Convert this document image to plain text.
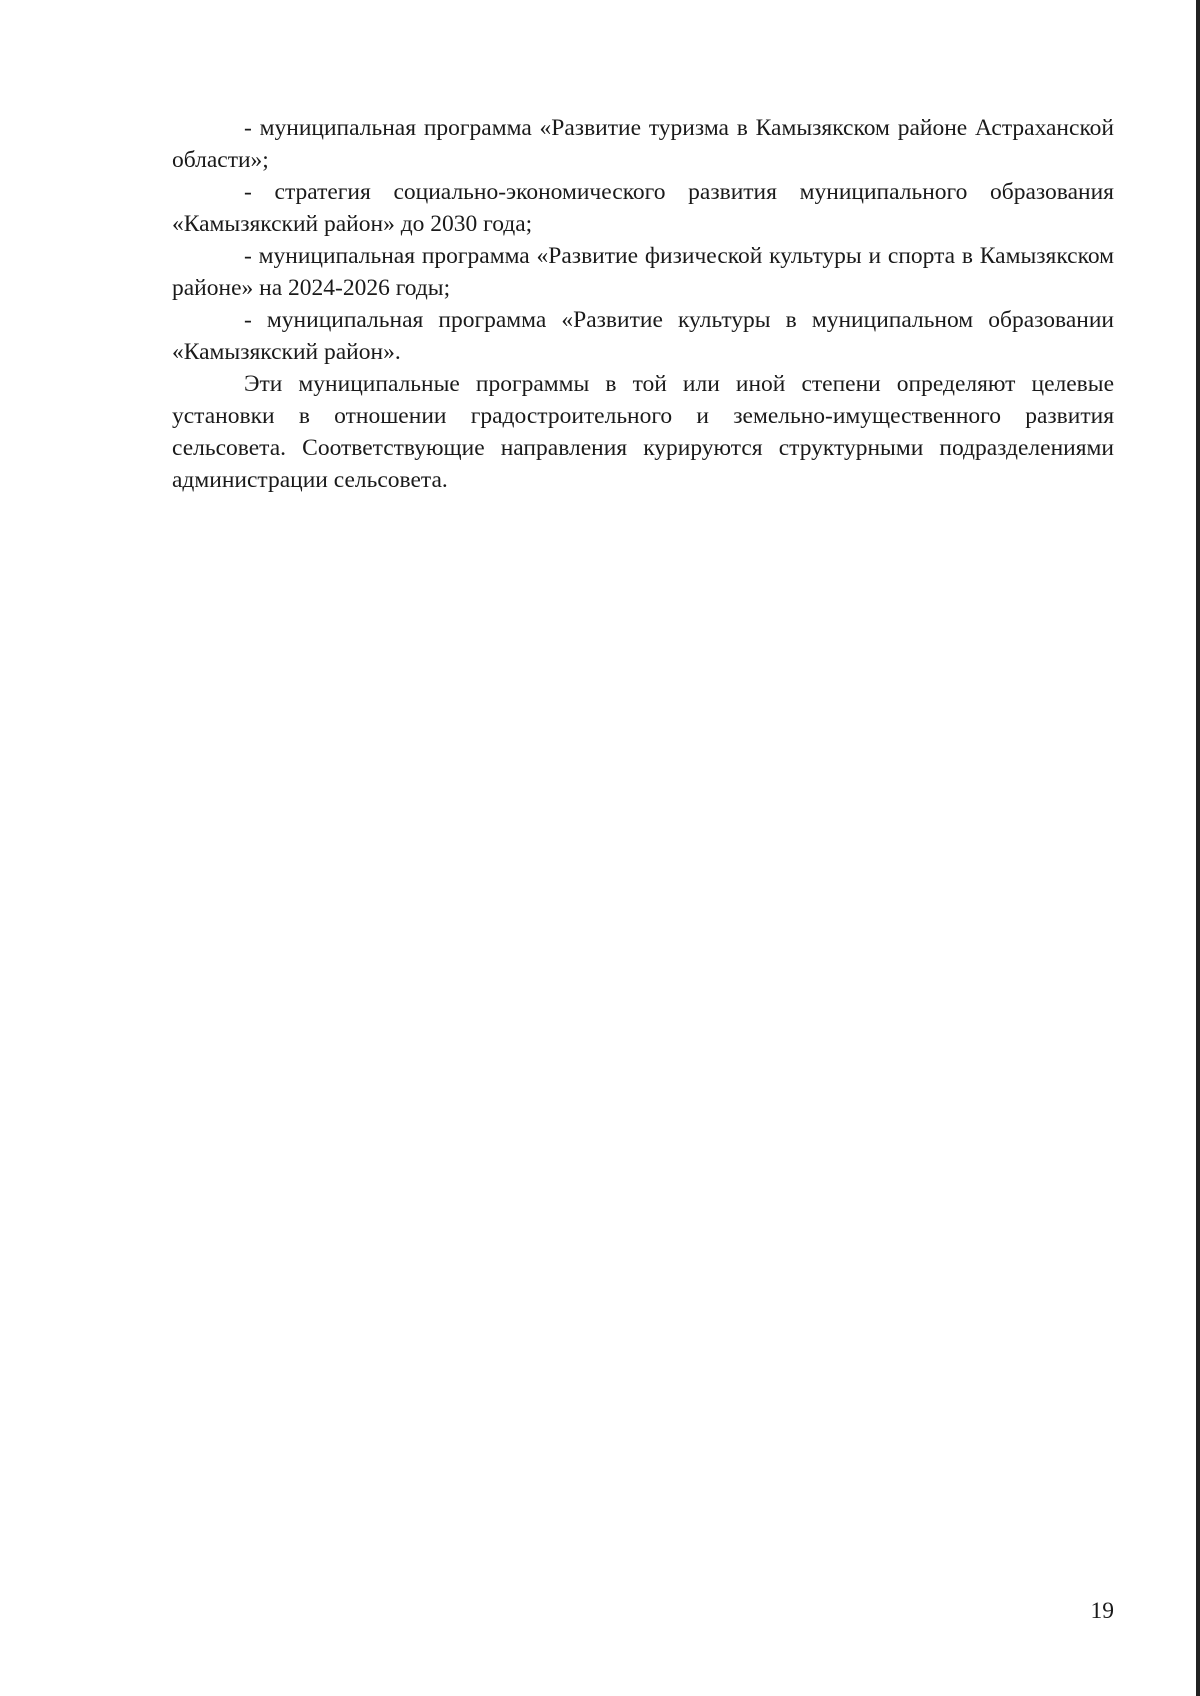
- муниципальная программа «Развитие туризма в Камызякском районе Астраханской области»;

- стратегия социально-экономического развития муниципального образования «Камызякский район» до 2030 года;

- муниципальная программа «Развитие физической культуры и спорта в Камызякском районе» на 2024-2026 годы;

- муниципальная программа «Развитие культуры в муниципальном образовании «Камызякский район».

Эти муниципальные программы в той или иной степени определяют целевые установки в отношении градостроительного и земельно-имущественного развития сельсовета. Соответствующие направления курируются структурными подразделениями администрации сельсовета.

19
